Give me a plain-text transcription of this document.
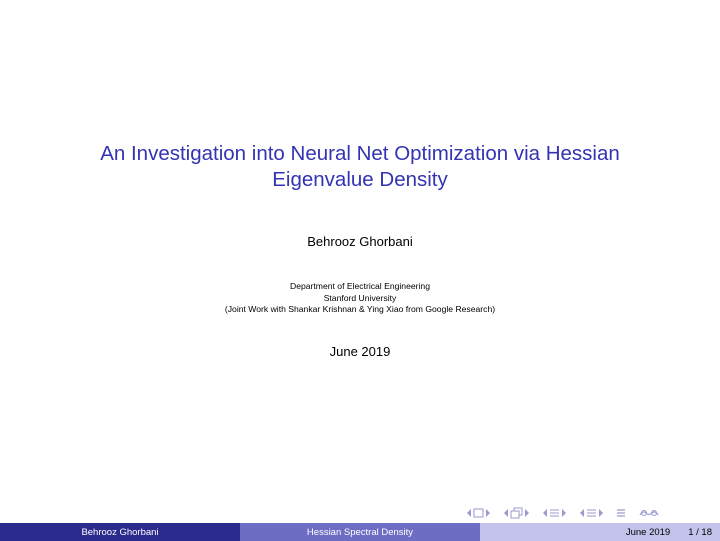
An Investigation into Neural Net Optimization via Hessian
Eigenvalue Density
Behrooz Ghorbani
Department of Electrical Engineering
Stanford University
(Joint Work with Shankar Krishnan & Ying Xiao from Google Research)
June 2019
Behrooz Ghorbani	Hessian Spectral Density	June 2019 1 / 18
